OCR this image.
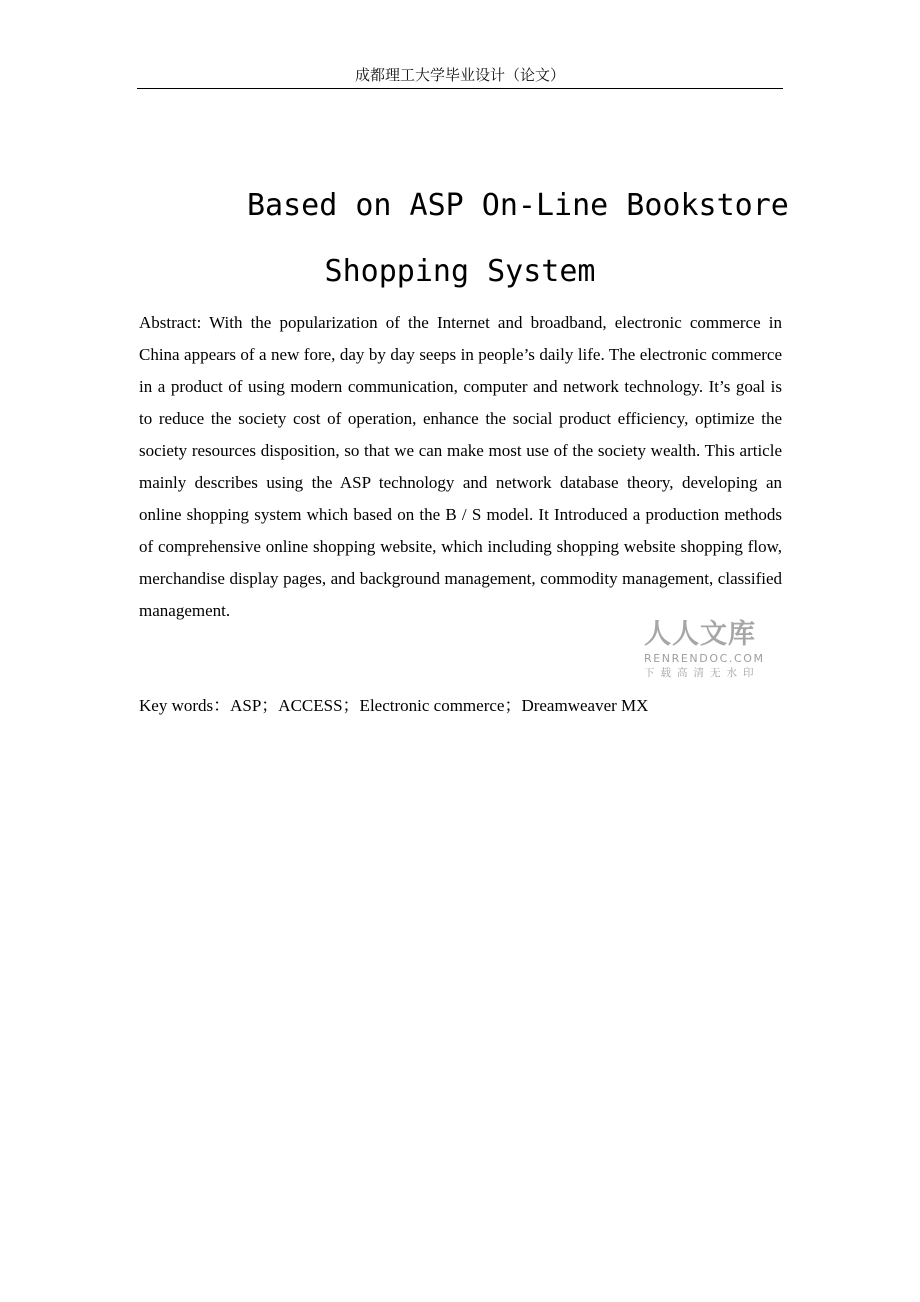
成都理工大学毕业设计（论文）
Based on ASP On-Line Bookstore
Shopping System
Abstract: With the popularization of the Internet and broadband, electronic commerce in China appears of a new fore, day by day seeps in people’s daily life. The electronic commerce in a product of using modern communication, computer and network technology. It’s goal is to reduce the society cost of operation, enhance the social product efficiency, optimize the society resources disposition, so that we can make most use of the society wealth. This article mainly describes using the ASP technology and network database theory, developing an online shopping system which based on the B / S model. It Introduced a production methods of comprehensive online shopping website, which including shopping website shopping flow, merchandise display pages, and background management, commodity management, classified management.
人人文库
RENRENDOC.COM
下载高清无水印
Key words：ASP；ACCESS；Electronic commerce；Dreamweaver MX
